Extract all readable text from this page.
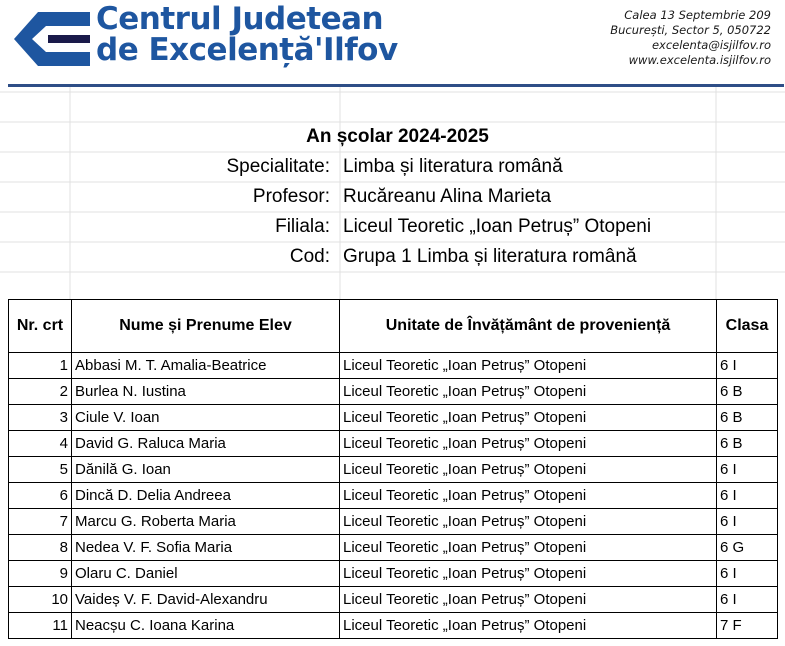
Centrul Judetean
de Excelență'Ilfov
Calea 13 Septembrie 209
București, Sector 5, 050722
excelenta@isjilfov.ro
www.excelenta.isjilfov.ro
An școlar 2024-2025
Specialitate: Limba și literatura română
Profesor: Rucăreanu Alina Marieta
Filiala: Liceul Teoretic „Ioan Petruș” Otopeni
Cod: Grupa 1 Limba și literatura română
Nr. crt	Nume și Prenume Elev	Unitate de Învățământ de proveniență	Clasa
1	Abbasi M. T. Amalia-Beatrice	Liceul Teoretic „Ioan Petruș” Otopeni	6 I
2	Burlea N. Iustina	Liceul Teoretic „Ioan Petruș” Otopeni	6 B
3	Ciule V. Ioan	Liceul Teoretic „Ioan Petruș” Otopeni	6 B
4	David G. Raluca Maria	Liceul Teoretic „Ioan Petruș” Otopeni	6 B
5	Dănilă G. Ioan	Liceul Teoretic „Ioan Petruș” Otopeni	6 I
6	Dincă D. Delia Andreea	Liceul Teoretic „Ioan Petruș” Otopeni	6 I
7	Marcu G. Roberta Maria	Liceul Teoretic „Ioan Petruș” Otopeni	6 I
8	Nedea V. F. Sofia Maria	Liceul Teoretic „Ioan Petruș” Otopeni	6 G
9	Olaru C. Daniel	Liceul Teoretic „Ioan Petruș” Otopeni	6 I
10	Vaideș V. F. David-Alexandru	Liceul Teoretic „Ioan Petruș” Otopeni	6 I
11	Neacșu C. Ioana Karina	Liceul Teoretic „Ioan Petruș” Otopeni	7 F
